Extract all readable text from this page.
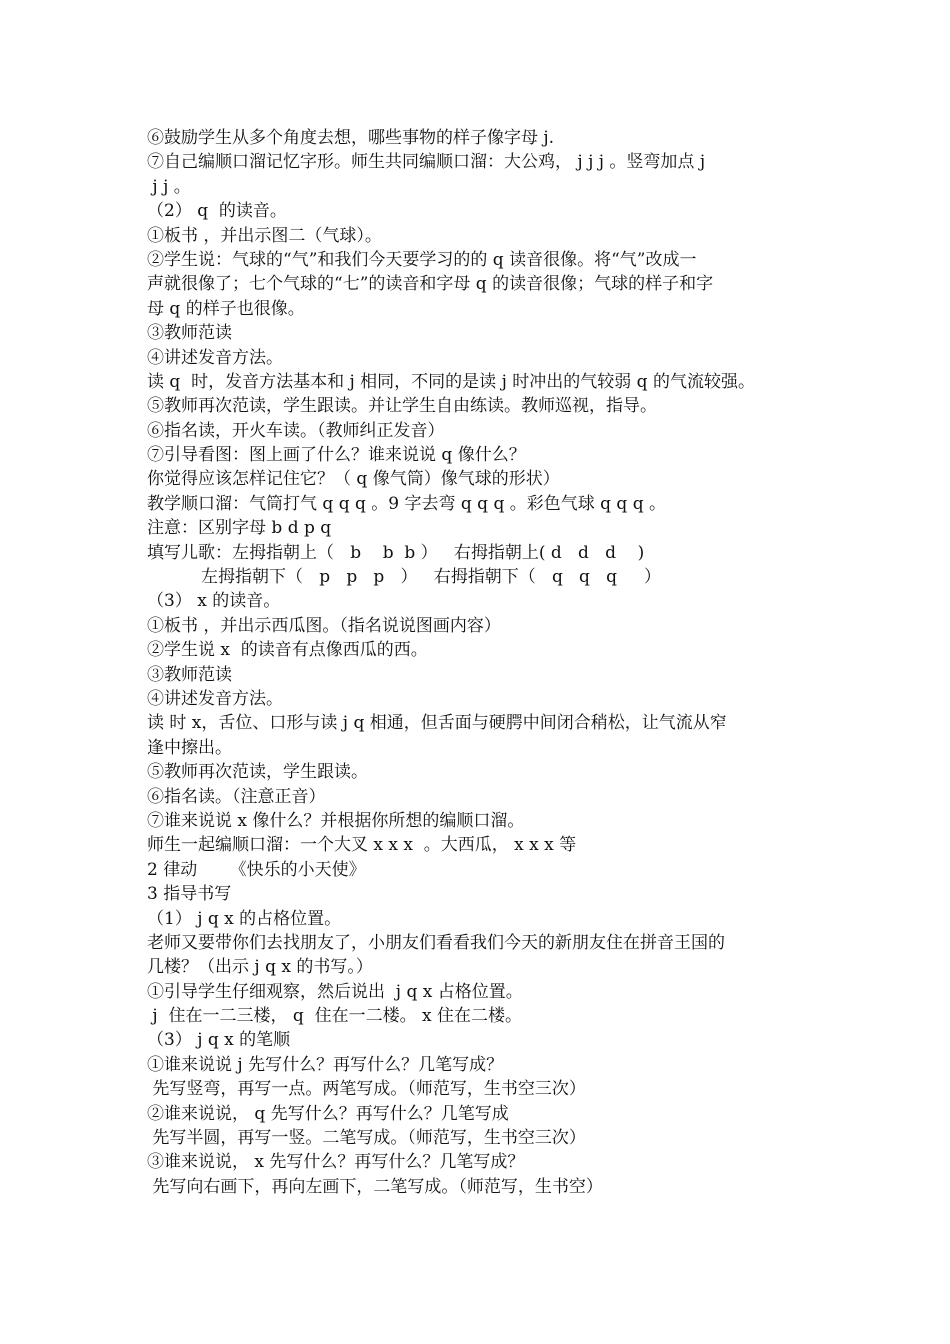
⑥鼓励学生从多个角度去想，哪些事物的样子像字母 j.
⑦自己编顺口溜记忆字形。师生共同编顺口溜：大公鸡， j j j 。竖弯加点 j
j j 。
（2） q  的读音。
①板书 ，并出示图二（气球）。
②学生说：气球的“气”和我们今天要学习的的 q 读音很像。将“气”改成一
声就很像了；七个气球的“七”的读音和字母 q 的读音很像；气球的样子和字
母 q 的样子也很像。
③教师范读
④讲述发音方法。
读 q  时，发音方法基本和 j 相同，不同的是读 j 时冲出的气较弱 q 的气流较强。
⑤教师再次范读，学生跟读。并让学生自由练读。教师巡视，指导。
⑥指名读，开火车读。（教师纠正发音）
⑦引导看图：图上画了什么？谁来说说 q 像什么？
你觉得应该怎样记住它？（ q 像气筒）像气球的形状）
教学顺口溜：气筒打气 q q q 。9 字去弯 q q q 。彩色气球 q q q 。
注意：区别字母 b d p q
填写儿歌：左拇指朝上（   b    b  b ）   右拇指朝上( d   d   d    )
左拇指朝下（   p   p   p   ）   右拇指朝下（   q   q   q     ）
（3） x 的读音。
①板书 ，并出示西瓜图。（指名说说图画内容）
②学生说 x  的读音有点像西瓜的西。
③教师范读
④讲述发音方法。
读 时 x，舌位、口形与读 j q 相通，但舌面与硬腭中间闭合稍松，让气流从窄
逢中擦出。
⑤教师再次范读，学生跟读。
⑥指名读。（注意正音）
⑦谁来说说 x 像什么？并根据你所想的编顺口溜。
师生一起编顺口溜：一个大叉 x x x  。大西瓜， x x x 等
2 律动      《快乐的小天使》
3 指导书写
（1） j q x 的占格位置。
老师又要带你们去找朋友了，小朋友们看看我们今天的新朋友住在拼音王国的
几楼？（出示 j q x 的书写。）
①引导学生仔细观察，然后说出  j q x 占格位置。
j  住在一二三楼， q  住在一二楼。 x 住在二楼。
（3） j q x 的笔顺
①谁来说说 j 先写什么？再写什么？几笔写成？
先写竖弯，再写一点。两笔写成。（师范写，生书空三次）
②谁来说说， q 先写什么？再写什么？几笔写成
先写半圆，再写一竖。二笔写成。（师范写，生书空三次）
③谁来说说， x 先写什么？再写什么？几笔写成？
先写向右画下，再向左画下，二笔写成。（师范写，生书空）
